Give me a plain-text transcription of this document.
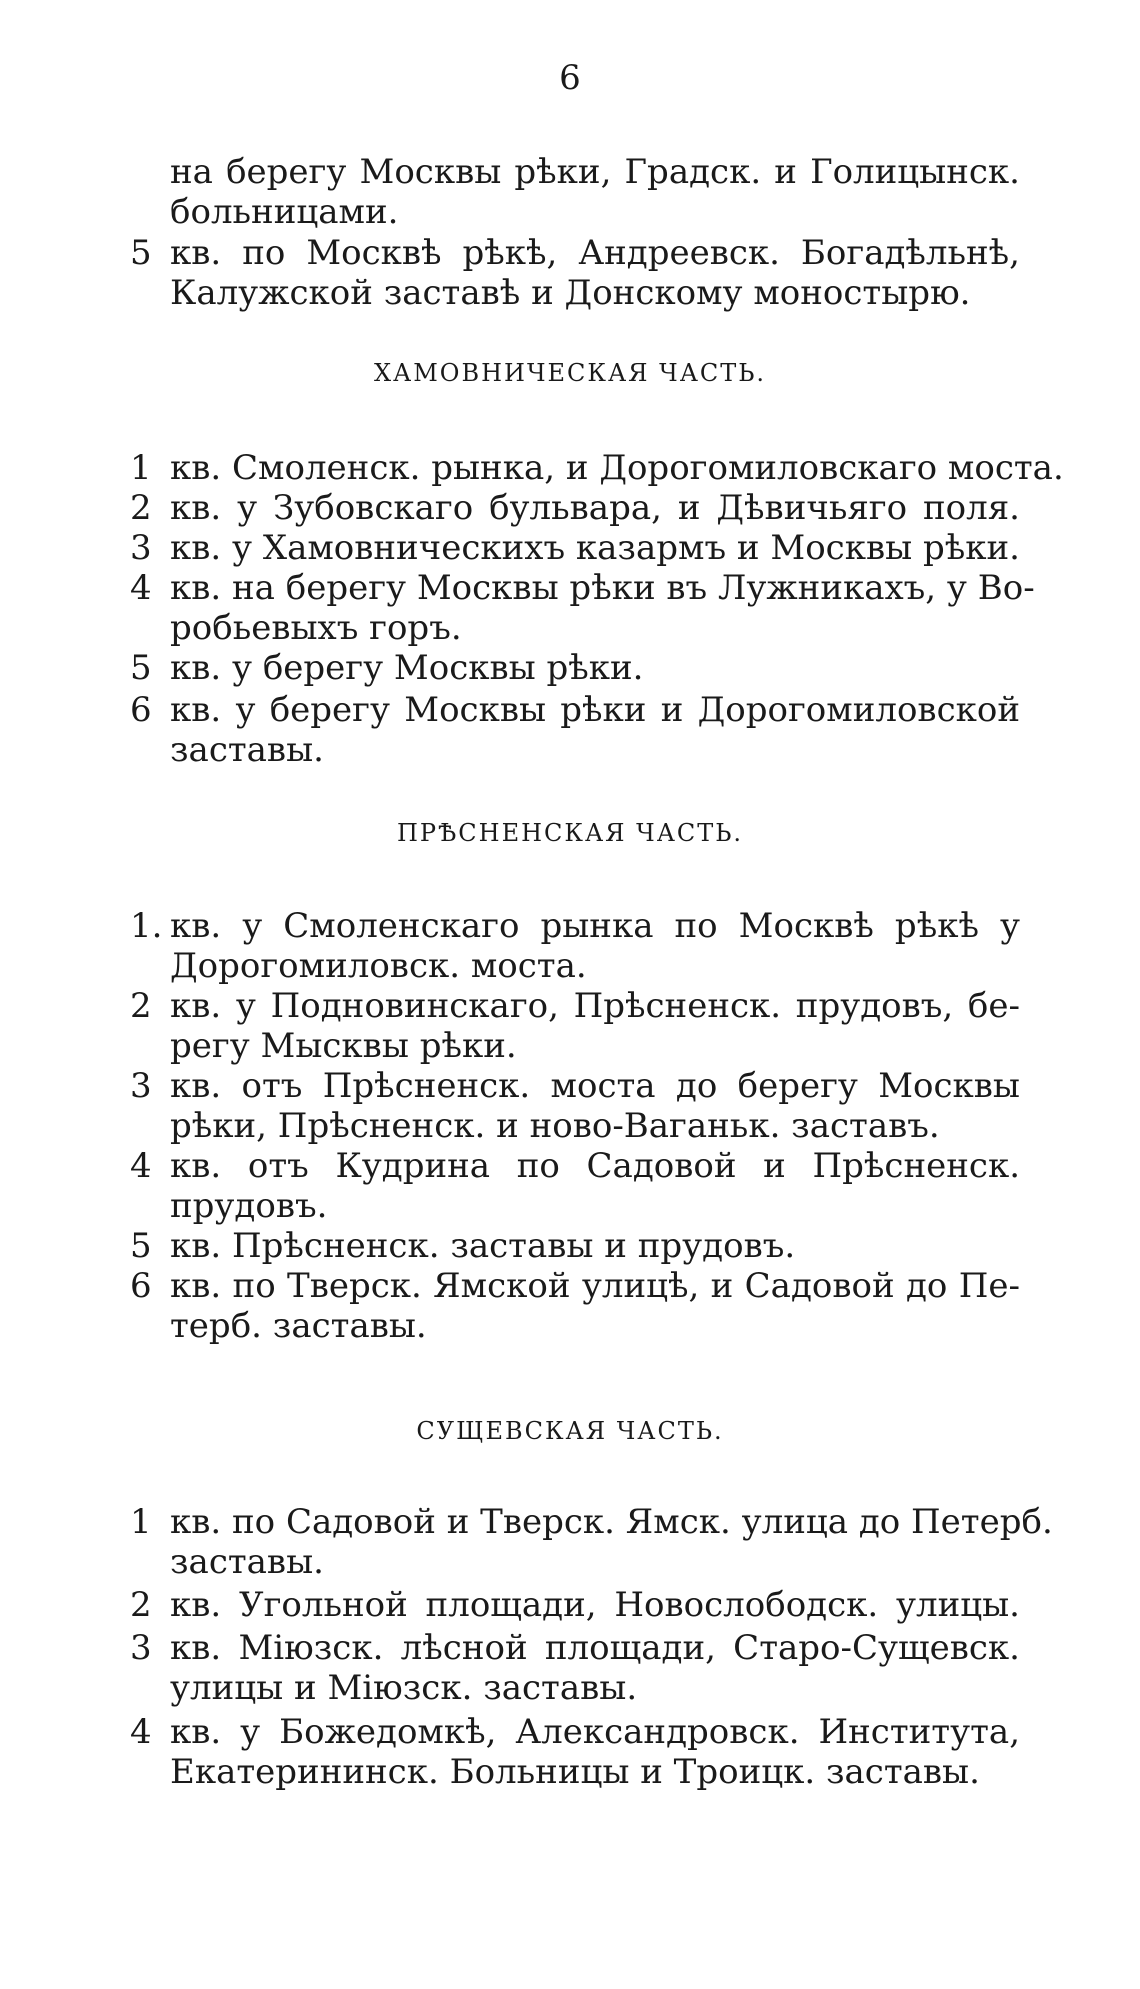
6
на берегу Москвы рѣки, Градск. и Голицынск.
больницами.
5 кв. по Москвѣ рѣкѣ, Андреевск. Богадѣльнѣ,
Калужской заставѣ и Донскому моностырю.
ХАМОВНИЧЕСКАЯ ЧАСТЬ.
1 кв. Смоленск. рынка, и Дорогомиловскаго моста.
2 кв. у Зубовскаго бульвара, и Дѣвичьяго поля.
3 кв. у Хамовническихъ казармъ и Москвы рѣки.
4 кв. на берегу Москвы рѣки въ Лужникахъ, у Во-
робьевыхъ горъ.
5 кв. у берегу Москвы рѣки.
6 кв. у берегу Москвы рѣки и Дорогомиловской
заставы.
ПРѢСНЕНСКАЯ ЧАСТЬ.
1. кв. у Смоленскаго рынка по Москвѣ рѣкѣ у
Дорогомиловск. моста.
2 кв. у Подновинскаго, Прѣсненск. прудовъ, бе-
регу Мысквы рѣки.
3 кв. отъ Прѣсненск. моста до берегу Москвы
рѣки, Прѣсненск. и ново-Ваганьк. заставъ.
4 кв. отъ Кудрина по Садовой и Прѣсненск.
прудовъ.
5 кв. Прѣсненск. заставы и прудовъ.
6 кв. по Тверск. Ямской улицѣ, и Садовой до Пе-
терб. заставы.
СУЩЕВСКАЯ ЧАСТЬ.
1 кв. по Садовой и Тверск. Ямск. улица до Петерб.
заставы.
2 кв. Угольной площади, Новослободск. улицы.
3 кв. Міюзск. лѣсной площади, Старо-Сущевск.
улицы и Міюзск. заставы.
4 кв. у Божедомкѣ, Александровск. Института,
Екатерининск. Больницы и Троицк. заставы.
